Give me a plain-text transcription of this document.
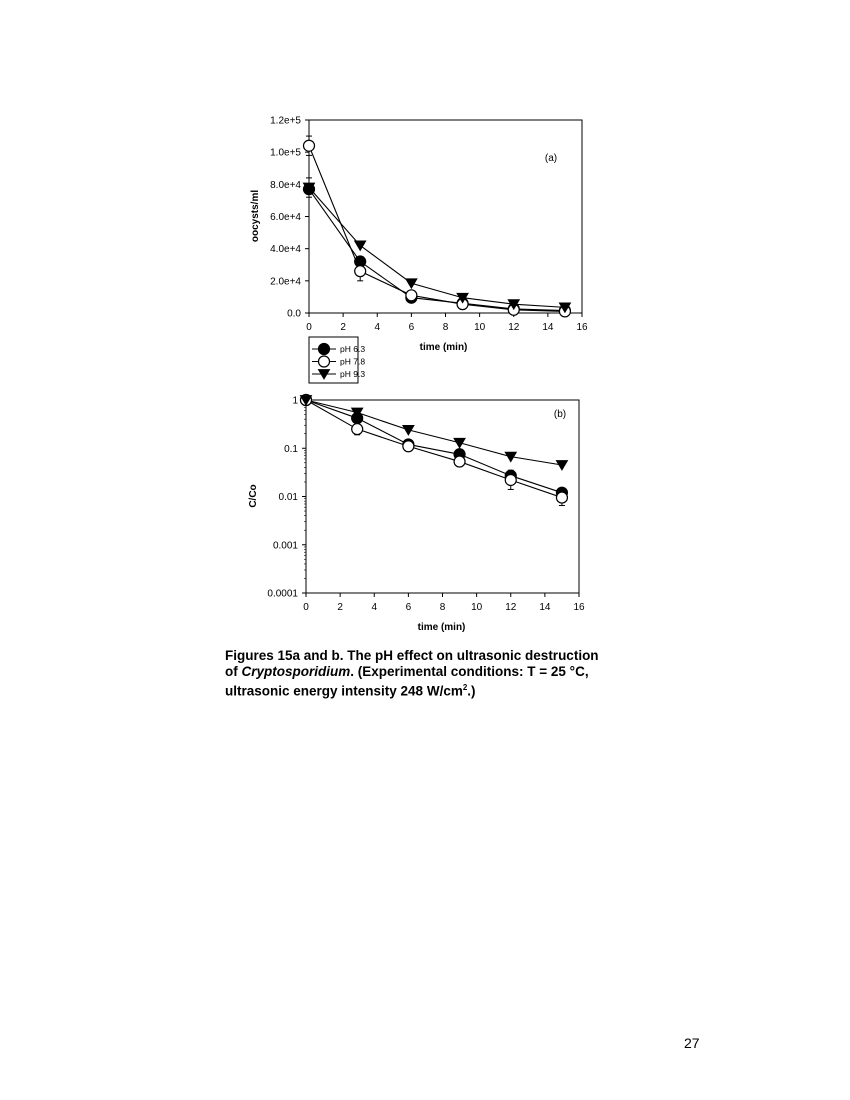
0	2	4	6	8	10 12 14 16
0.0
2.0e+4
4.0e+4
6.0e+4
8.0e+4
1.0e+5
1.2e+5
time (min)
oocysts/ml
(a)
0	2	4	6	8	10 12 14 16
0.0001
0.001
0.01
0.1
1
time (min)
C/Co
(b)
pH 6.3
pH 7.8
pH 9.3
Figures 15a and b. The pH effect on ultrasonic destruction
of Cryptosporidium. (Experimental conditions: T = 25 °C,
ultrasonic energy intensity 248 $W/cm^2$.)
27
